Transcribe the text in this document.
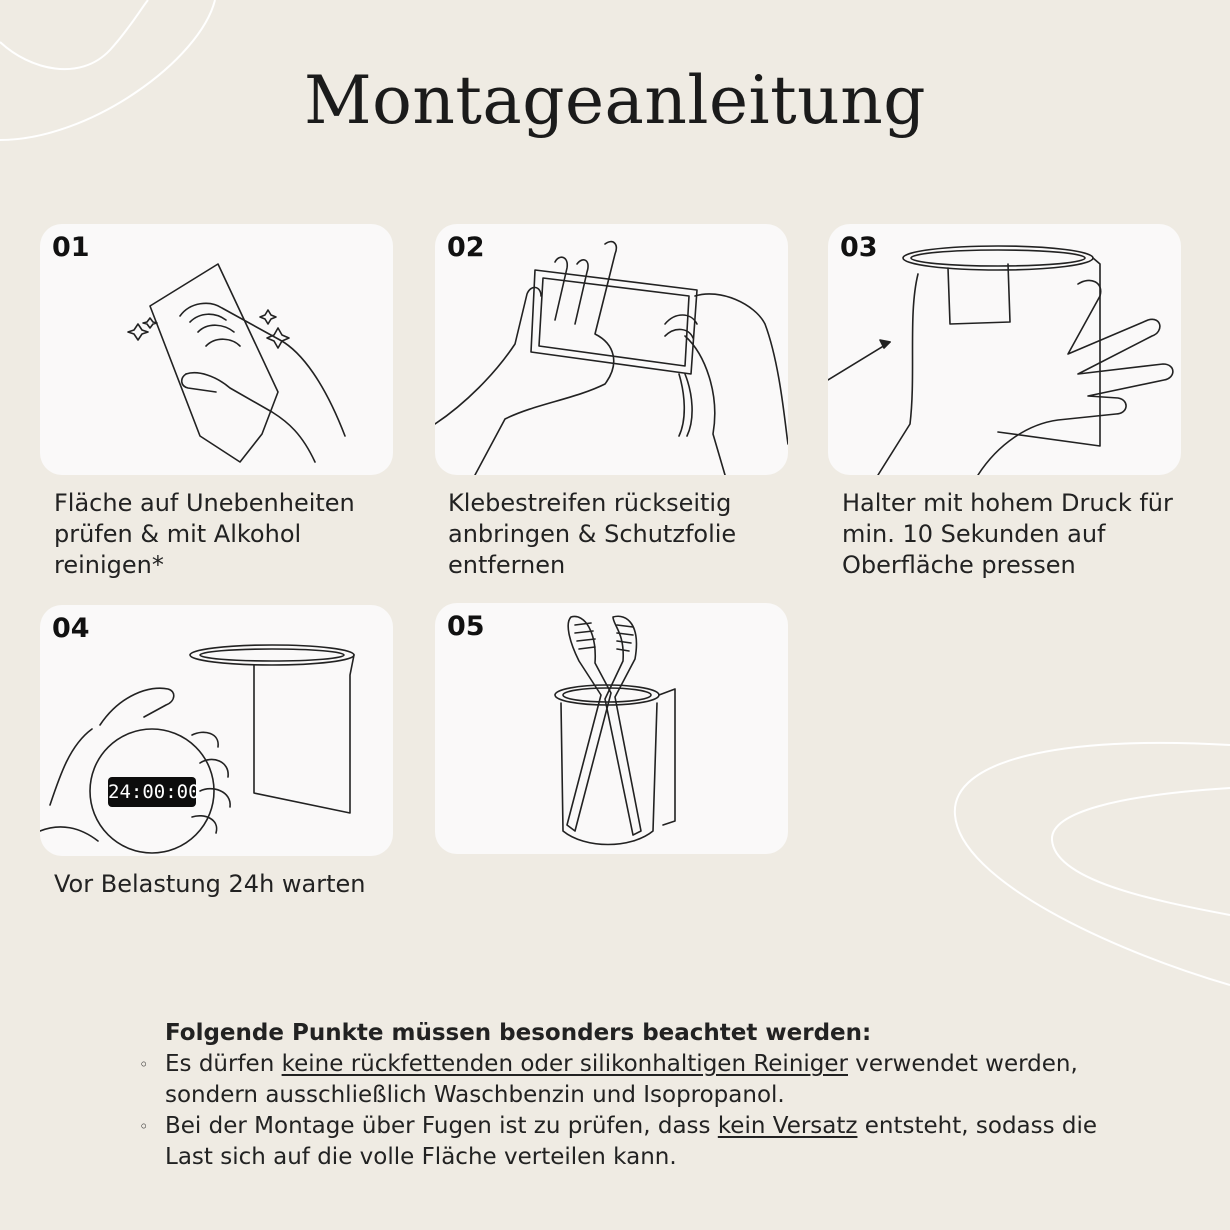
Montageanleitung
01
Fläche auf Unebenheiten prüfen & mit Alkohol reinigen*
02
Klebestreifen rückseitig anbringen & Schutzfolie entfernen
03
Halter mit hohem Druck für min. 10 Sekunden auf Oberfläche pressen
24:00:00
04
Vor Belastung 24h warten
05
Folgende Punkte müssen besonders beachtet werden:
◦ Es dürfen keine rückfettenden oder silikonhaltigen Reiniger verwendet werden, sondern ausschließlich Waschbenzin und Isopropanol.
◦ Bei der Montage über Fugen ist zu prüfen, dass kein Versatz entsteht, sodass die Last sich auf die volle Fläche verteilen kann.
